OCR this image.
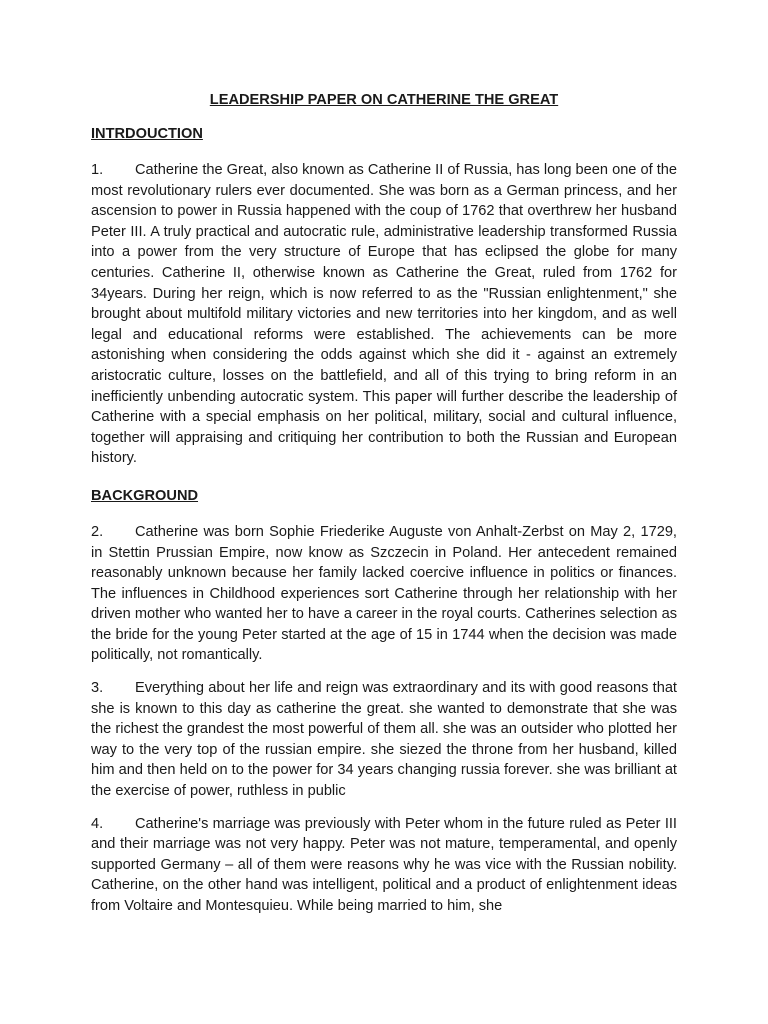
LEADERSHIP PAPER ON CATHERINE THE GREAT
INTRDOUCTION
1. Catherine the Great, also known as Catherine II of Russia, has long been one of the most revolutionary rulers ever documented. She was born as a German princess, and her ascension to power in Russia happened with the coup of 1762 that overthrew her husband Peter III. A truly practical and autocratic rule, administrative leadership transformed Russia into a power from the very structure of Europe that has eclipsed the globe for many centuries. Catherine II, otherwise known as Catherine the Great, ruled from 1762 for 34years. During her reign, which is now referred to as the "Russian enlightenment," she brought about multifold military victories and new territories into her kingdom, and as well legal and educational reforms were established. The achievements can be more astonishing when considering the odds against which she did it - against an extremely aristocratic culture, losses on the battlefield, and all of this trying to bring reform in an inefficiently unbending autocratic system. This paper will further describe the leadership of Catherine with a special emphasis on her political, military, social and cultural influence, together will appraising and critiquing her contribution to both the Russian and European history.
BACKGROUND
2. Catherine was born Sophie Friederike Auguste von Anhalt-Zerbst on May 2, 1729, in Stettin Prussian Empire, now know as Szczecin in Poland. Her antecedent remained reasonably unknown because her family lacked coercive influence in politics or finances. The influences in Childhood experiences sort Catherine through her relationship with her driven mother who wanted her to have a career in the royal courts. Catherines selection as the bride for the young Peter started at the age of 15 in 1744 when the decision was made politically, not romantically.
3. Everything about her life and reign was extraordinary and its with good reasons that she is known to this day as catherine the great. she wanted to demonstrate that she was the richest the grandest the most powerful of them all. she was an outsider who plotted her way to the very top of the russian empire. she siezed the throne from her husband, killed him and then held on to the power for 34 years changing russia forever. she was brilliant at the exercise of power, ruthless in public
4. Catherine's marriage was previously with Peter whom in the future ruled as Peter III and their marriage was not very happy. Peter was not mature, temperamental, and openly supported Germany – all of them were reasons why he was vice with the Russian nobility. Catherine, on the other hand was intelligent, political and a product of enlightenment ideas from Voltaire and Montesquieu. While being married to him, she
